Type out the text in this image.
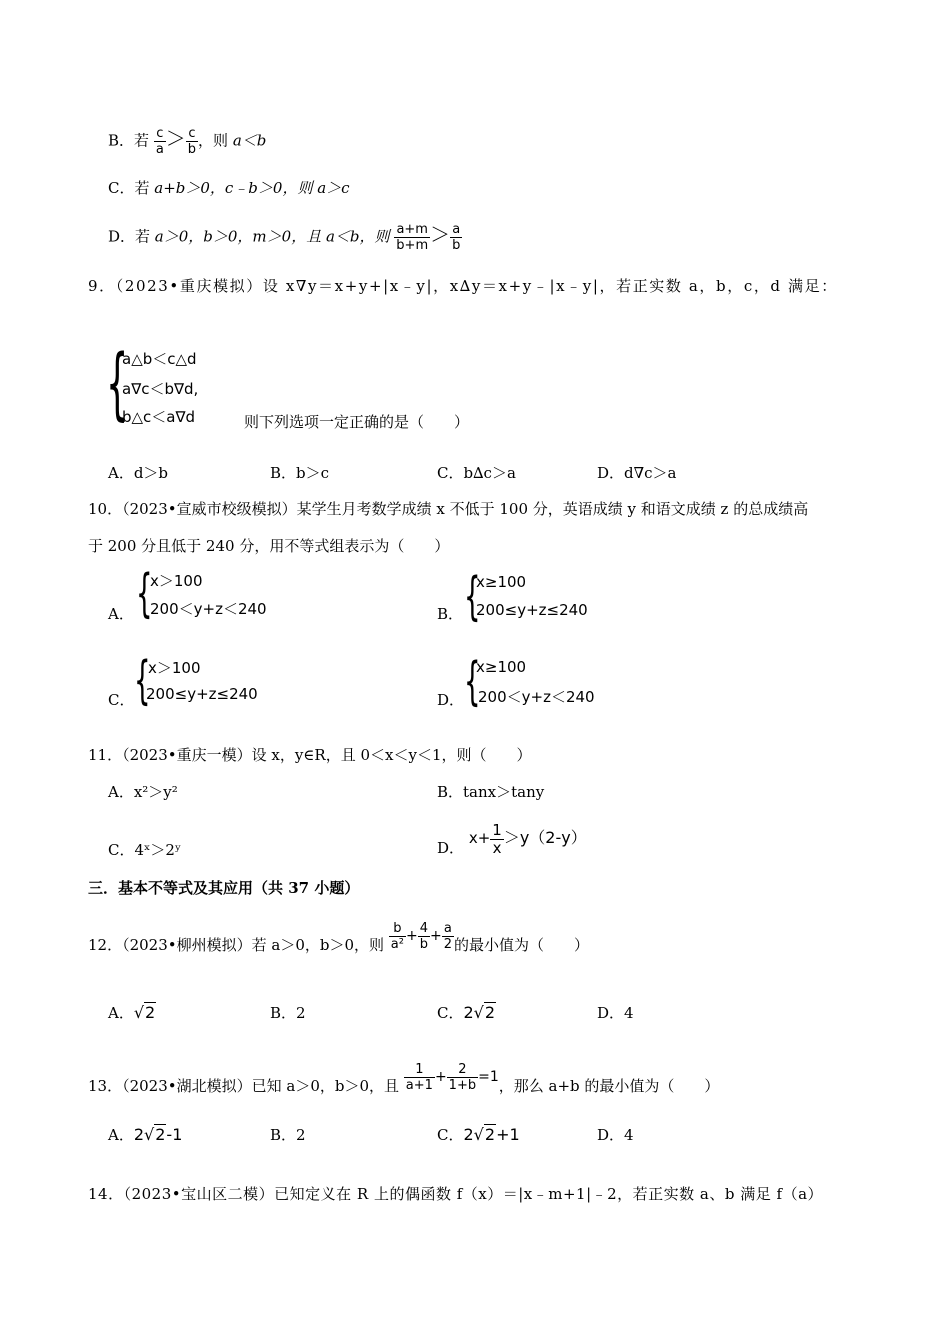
B．若 $\frac{c}{a} > \frac{c}{b}$ ，则 a＜b
C．若 a+b＞0，c﹣b＞0，则 a＞c
D．若 a＞0，b＞0，m＞0，且 a＜b，则 $\frac{a+m}{b+m} > \frac{a}{b}$
9．（2023•重庆模拟）设 x∇y＝x+y+|x﹣y|，x∆y＝x+y﹣|x﹣y|，若正实数 a，b，c，d 满足：
{
a△b＜c△d
a∇c＜b∇d,
b△c＜a∇d	则下列选项一定正确的是（　　）
A．d＞b	B．b＞c	C．b∆c＞a	D．d∇c＞a
10．（2023•宣威市校级模拟）某学生月考数学成绩 x 不低于 100 分，英语成绩 y 和语文成绩 z 的总成绩高
于 200 分且低于 240 分，用不等式组表示为（　　）
A． {
x＞100
200＜y+z＜240	B． {
x≥100
200≤y+z≤240
C． {
x＞100
200≤y+z≤240	D． {
x≥100
200＜y+z＜240
11．（2023•重庆一模）设 x，y∈R，且 0＜x＜y＜1，则（　　）
A．x²＞y²	B．tanx＞tany
C．4ˣ＞2ʸ	D． $x+ \frac{1}{x} >y(2-y)$
三．基本不等式及其应用（共 37 小题）
12．（2023•柳州模拟）若 a＞0，b＞0，则 $\frac{b}{\text{a²}} + \frac{4}{b} + \frac{a}{2}$ 的最小值为（　　）
A．√2	B．2	C．2√2	D．4
13．（2023•湖北模拟）已知 a＞0，b＞0，且 $\frac{1}{a+1} + \frac{2}{1+b} =1$，那么 a+b 的最小值为（　　）
A．2√2-1	B．2	C．2√2+1	D．4
14．（2023•宝山区二模）已知定义在 R 上的偶函数 f（x）＝|x﹣m+1|﹣2，若正实数 a、b 满足 f（a）
